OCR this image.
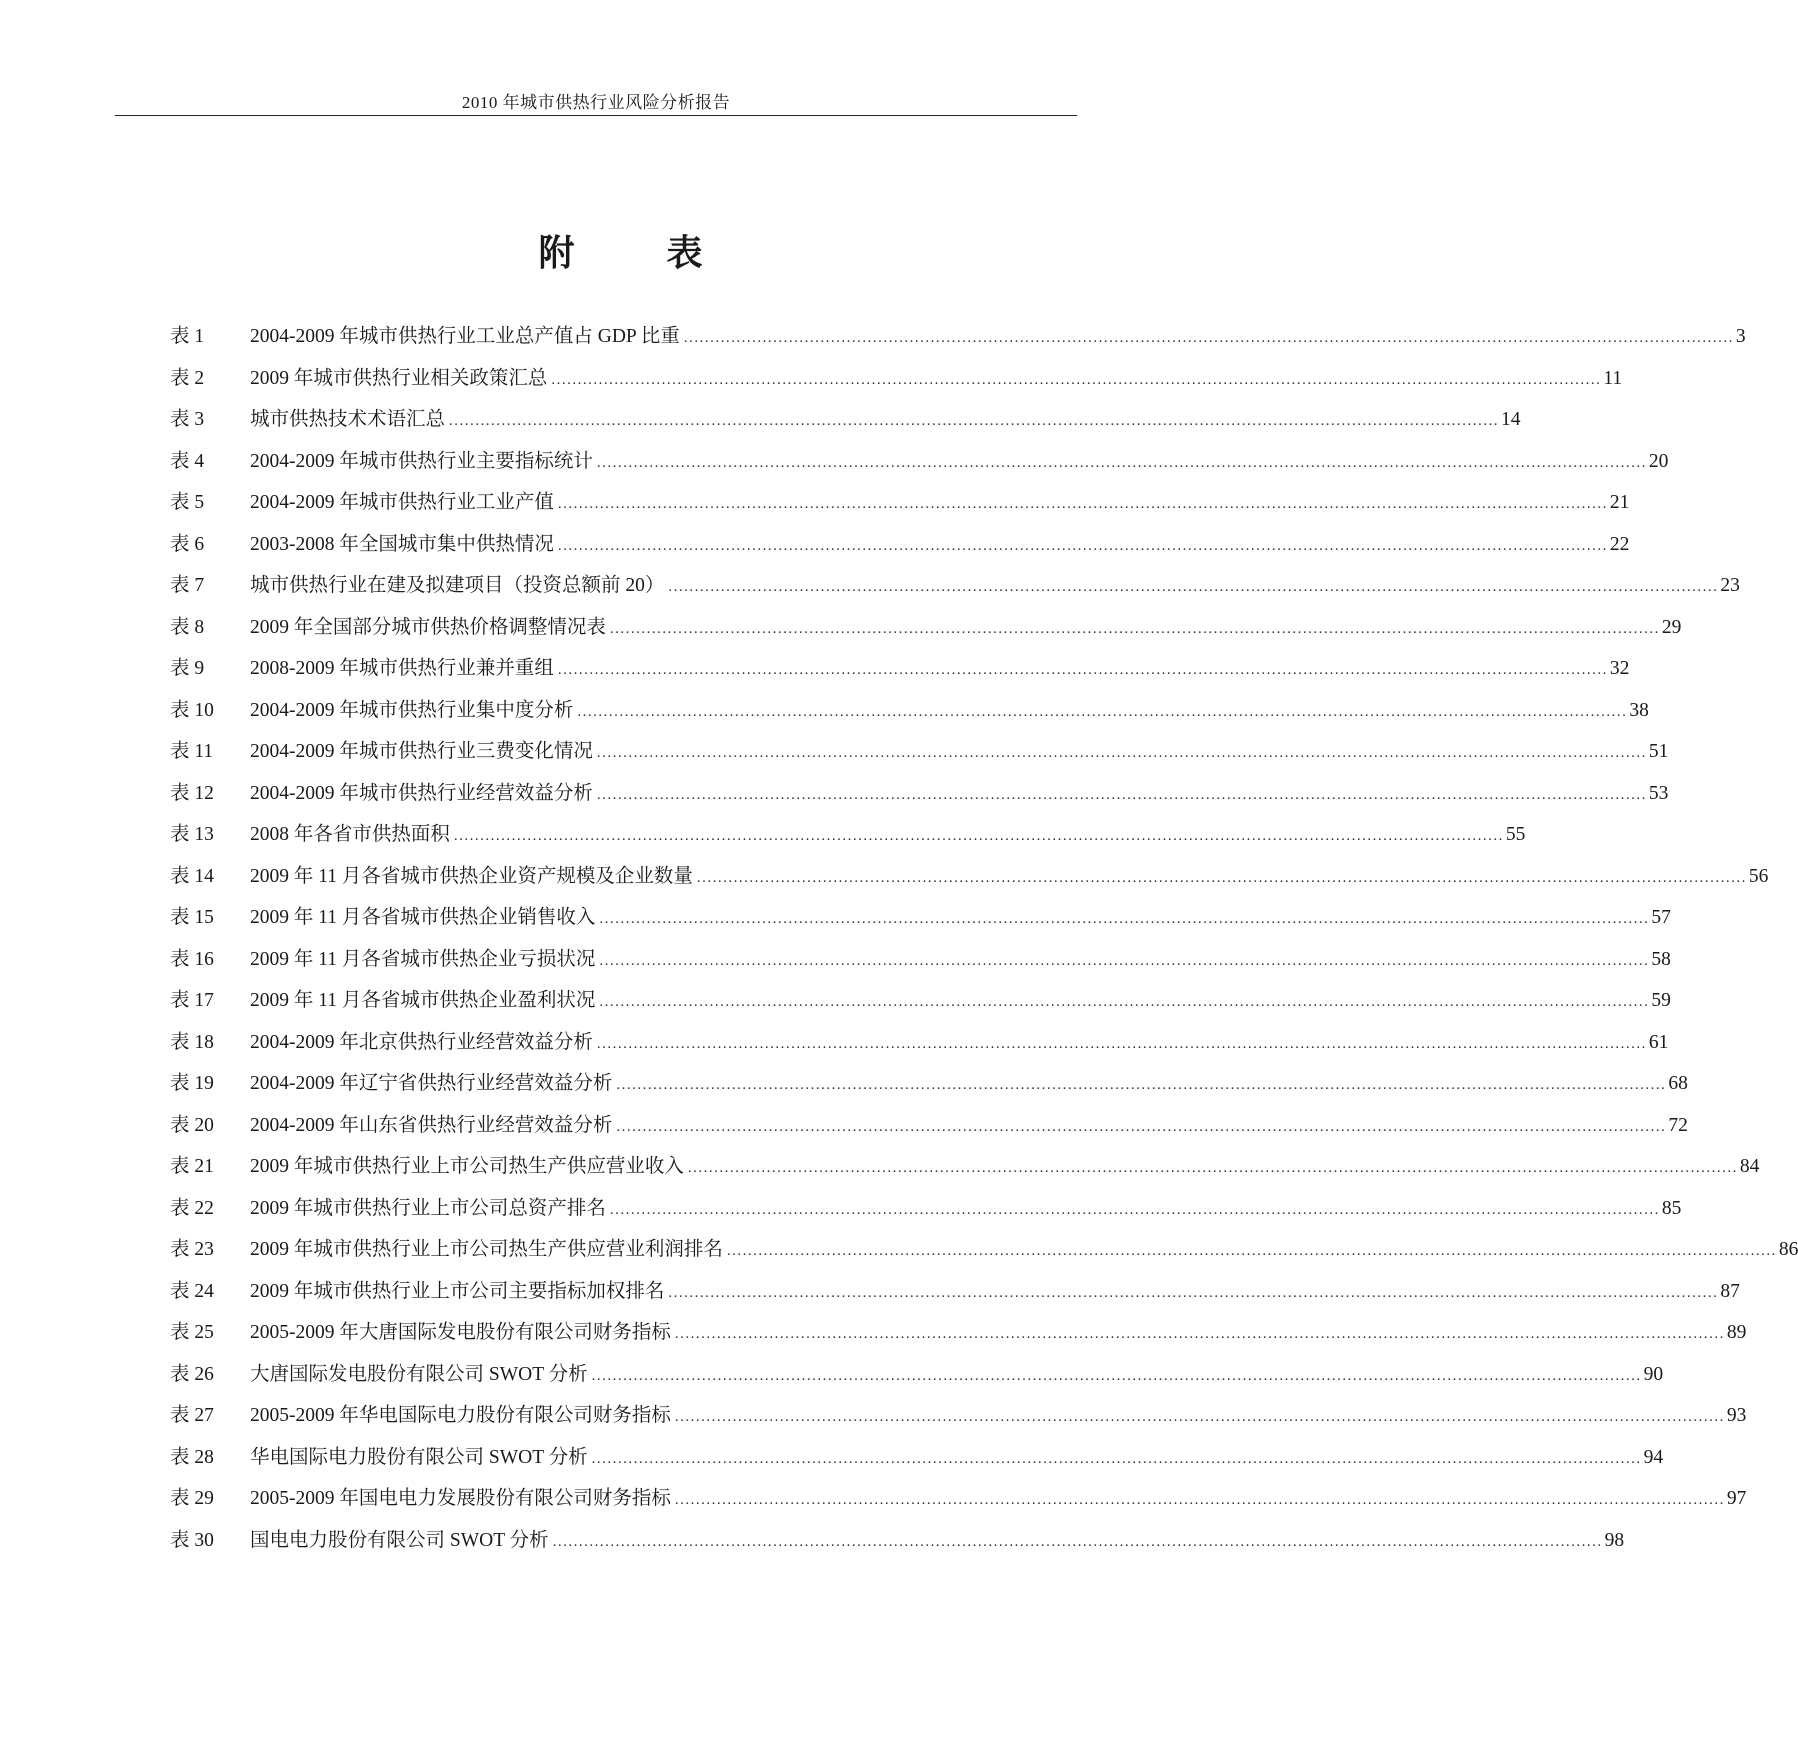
2010 年城市供热行业风险分析报告
附　表
表 1	2004-2009 年城市供热行业工业总产值占 GDP 比重 ........................................................................................................................................................................................................ 3
表 2	2009 年城市供热行业相关政策汇总 ........................................................................................................................................................................................................ 11
表 3	城市供热技术术语汇总 ........................................................................................................................................................................................................ 14
表 4	2004-2009 年城市供热行业主要指标统计 ........................................................................................................................................................................................................ 20
表 5	2004-2009 年城市供热行业工业产值 ........................................................................................................................................................................................................ 21
表 6	2003-2008 年全国城市集中供热情况 ........................................................................................................................................................................................................ 22
表 7	城市供热行业在建及拟建项目（投资总额前 20） ........................................................................................................................................................................................................ 23
表 8	2009 年全国部分城市供热价格调整情况表 ........................................................................................................................................................................................................ 29
表 9	2008-2009 年城市供热行业兼并重组 ........................................................................................................................................................................................................ 32
表 10	2004-2009 年城市供热行业集中度分析 ........................................................................................................................................................................................................ 38
表 11	2004-2009 年城市供热行业三费变化情况 ........................................................................................................................................................................................................ 51
表 12	2004-2009 年城市供热行业经营效益分析 ........................................................................................................................................................................................................ 53
表 13	2008 年各省市供热面积 ........................................................................................................................................................................................................ 55
表 14	2009 年 11 月各省城市供热企业资产规模及企业数量 ........................................................................................................................................................................................................ 56
表 15	2009 年 11 月各省城市供热企业销售收入 ........................................................................................................................................................................................................ 57
表 16	2009 年 11 月各省城市供热企业亏损状况 ........................................................................................................................................................................................................ 58
表 17	2009 年 11 月各省城市供热企业盈利状况 ........................................................................................................................................................................................................ 59
表 18	2004-2009 年北京供热行业经营效益分析 ........................................................................................................................................................................................................ 61
表 19	2004-2009 年辽宁省供热行业经营效益分析 ........................................................................................................................................................................................................ 68
表 20	2004-2009 年山东省供热行业经营效益分析 ........................................................................................................................................................................................................ 72
表 21	2009 年城市供热行业上市公司热生产供应营业收入 ........................................................................................................................................................................................................ 84
表 22	2009 年城市供热行业上市公司总资产排名 ........................................................................................................................................................................................................ 85
表 23	2009 年城市供热行业上市公司热生产供应营业利润排名 ........................................................................................................................................................................................................ 86
表 24	2009 年城市供热行业上市公司主要指标加权排名 ........................................................................................................................................................................................................ 87
表 25	2005-2009 年大唐国际发电股份有限公司财务指标 ........................................................................................................................................................................................................ 89
表 26	大唐国际发电股份有限公司 SWOT 分析 ........................................................................................................................................................................................................ 90
表 27	2005-2009 年华电国际电力股份有限公司财务指标 ........................................................................................................................................................................................................ 93
表 28	华电国际电力股份有限公司 SWOT 分析 ........................................................................................................................................................................................................ 94
表 29	2005-2009 年国电电力发展股份有限公司财务指标 ........................................................................................................................................................................................................ 97
表 30	国电电力股份有限公司 SWOT 分析 ........................................................................................................................................................................................................ 98
